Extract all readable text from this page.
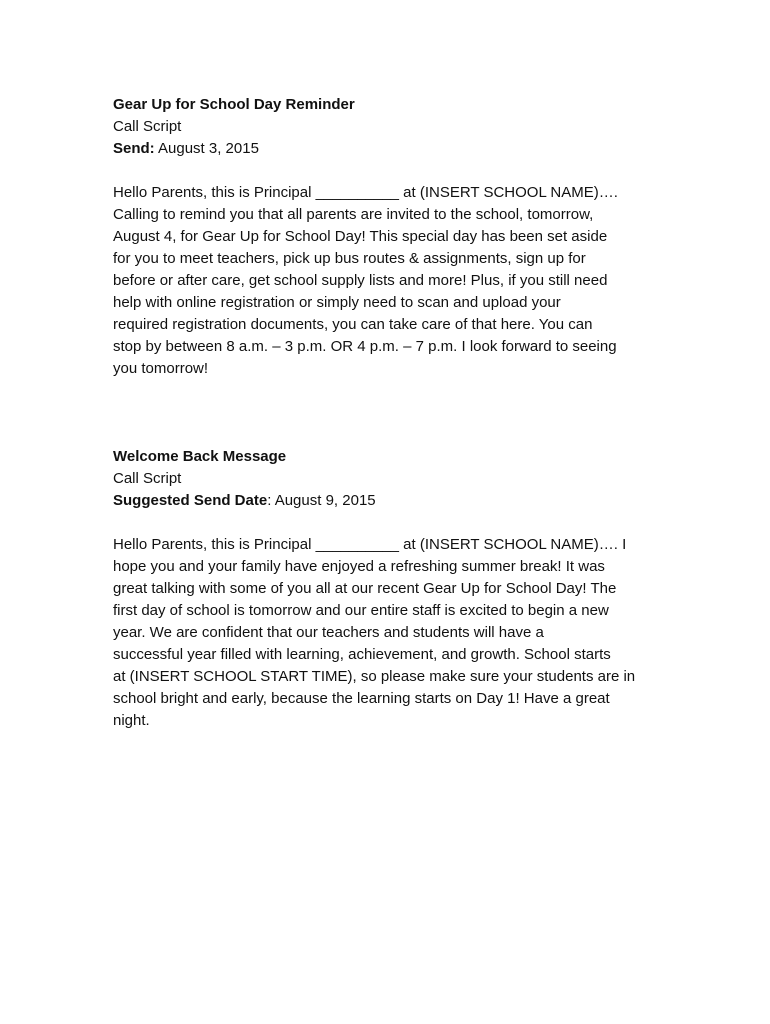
Gear Up for School Day Reminder
Call Script
Send: August 3, 2015
Hello Parents, this is Principal __________ at (INSERT SCHOOL NAME)….
Calling to remind you that all parents are invited to the school, tomorrow,
August 4, for Gear Up for School Day! This special day has been set aside
for you to meet teachers, pick up bus routes & assignments, sign up for
before or after care, get school supply lists and more! Plus, if you still need
help with online registration or simply need to scan and upload your
required registration documents, you can take care of that here. You can
stop by between 8 a.m. – 3 p.m. OR 4 p.m. – 7 p.m. I look forward to seeing
you tomorrow!
Welcome Back Message
Call Script
Suggested Send Date: August 9, 2015
Hello Parents, this is Principal __________ at (INSERT SCHOOL NAME)…. I
hope you and your family have enjoyed a refreshing summer break! It was
great talking with some of you all at our recent Gear Up for School Day! The
first day of school is tomorrow and our entire staff is excited to begin a new
year. We are confident that our teachers and students will have a
successful year filled with learning, achievement, and growth. School starts
at (INSERT SCHOOL START TIME), so please make sure your students are in
school bright and early, because the learning starts on Day 1! Have a great
night.
